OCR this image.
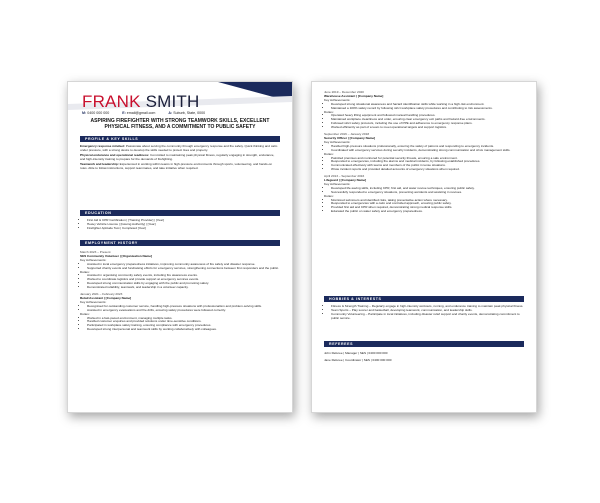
FRANK SMITH
M: 0400 000 000	E: email@gmail.com	A: Suburb, State, 0000
ASPIRING FIREFIGHTER WITH STRONG TEAMWORK SKILLS, EXCELLENT PHYSICAL FITNESS, AND A COMMITMENT TO PUBLIC SAFETY
PROFILE & KEY SKILLS

Emergency response mindset: Passionate about serving the community through emergency response and fire safety. Quick thinking and calm under pressure, with a strong desire to develop the skills needed to protect lives and property.

Physical endurance and operational readiness: Committed to maintaining peak physical fitness, regularly engaging in strength, endurance, and high-intensity training to prepare for the demands of firefighting.

Teamwork and leadership: Experienced in working within teams in high-pressure environments through sports, volunteering, and hands-on roles. Able to follow instructions, support teammates, and take initiative when required.

EDUCATION
• First Aid & CPR Certification | [Training Provider] | [Year]
• Heavy Vehicle Licence | [Issuing Authority] | [Year]
• Firefighter Aptitude Test | Completed [Year]
EMPLOYMENT HISTORY
March 2023 – Present
SES Community Volunteer | [Organisation Name]
Key Achievements:
• Assisted in local emergency preparedness initiatives, improving community awareness of fire safety and disaster response.
• Supported charity events and fundraising efforts for emergency services, strengthening connections between first responders and the public.
Duties:
• Assisted in organising community safety events, including fire awareness events.
• Worked to coordinate logistics and provide support at emergency services events.
• Developed strong communication skills by engaging with the public and promoting safety.
• Demonstrated reliability, teamwork, and leadership in a volunteer capacity.
January 2021 – February 2023
Retail Assistant | [Company Name]
Key Achievements:
• Recognised for outstanding customer service, handling high-pressure situations with professionalism and problem-solving skills.
• Assisted in emergency evacuations and fire drills, ensuring safety procedures were followed correctly.
Duties:
• Worked in a fast-paced environment, managing multiple tasks.
• Handled customer enquiries and provided solutions under time-sensitive conditions.
• Participated in workplace safety training, ensuring compliance with emergency procedures.
• Developed strong interpersonal and teamwork skills by working collaboratively with colleagues.
June 2019 – December 2020
Warehouse Assistant | [Company Name]
Key Achievements:
• Developed strong situational awareness and hazard identification skills while working in a high-risk environment.
• Maintained a 100% safety record by following strict workplace safety procedures and contributing to risk assessments.
Duties:
• Operated heavy lifting equipment and followed manual handling procedures.
• Maintained workplace cleanliness and order, ensuring clear emergency exit paths and hazard-free environments.
• Followed strict safety protocols, including the use of PPE and adherence to emergency response plans.
• Worked efficiently as part of a team to meet operational targets and support logistics.
September 2016 – January 2018
Security Officer | [Company Name]
Key Achievements:
• Handled high-pressure situations professionally, ensuring the safety of patrons and responding to emergency incidents.
• Coordinated with emergency services during security incidents, demonstrating strong communication and crisis management skills.
Duties:
• Patrolled premises and monitored for potential security threats, ensuring a safe environment.
• Responded to emergencies, including fire alarms and medical incidents, by following established procedures.
• Communicated effectively with teams and members of the public in tense situations.
• Wrote incident reports and provided detailed accounts of emergency situations when required.
April 2013 – September 2016
Lifeguard | [Company Name]
Key Achievements:
• Developed life-saving skills, including CPR, first aid, and water rescue techniques, ensuring public safety.
• Successfully responded to emergency situations, preventing accidents and assisting in rescues.
Duties:
• Monitored swimmers and identified risks, taking preventative action where necessary.
• Responded to emergencies with a calm and controlled approach, ensuring public safety.
• Provided first aid and CPR when required, demonstrating strong medical response skills.
• Educated the public on water safety and emergency preparedness.
HOBBIES & INTERESTS
• Fitness & Strength Training – Regularly engage in high-intensity workouts, running, and endurance training to maintain peak physical fitness.
• Team Sports – Play soccer and basketball, developing teamwork, communication, and leadership skills.
• Community Volunteering – Participate in local initiatives, including disaster relief support and charity events, demonstrating commitment to public service.
REFEREES

John Referee | Manager | SES | 0400 000 000

Jane Referee | Coordinator | SES | 0400 000 000
